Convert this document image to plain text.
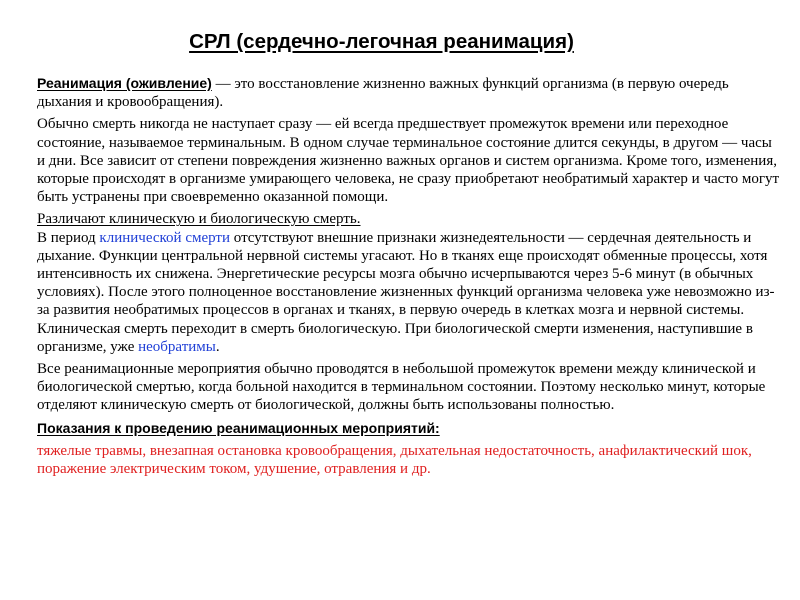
СРЛ (сердечно-легочная реанимация)

Реанимация (оживление) — это восстановление жизненно важных функций организма (в первую очередь дыхания и кровообращения).

Обычно смерть никогда не наступает сразу — ей всегда предшествует промежуток времени или переходное состояние, называемое терминальным. В одном случае терминальное состояние длится секунды, в другом — часы и дни. Все зависит от степени повреждения жизненно важных органов и систем организма. Кроме того, изменения, которые происходят в организме умирающего человека, не сразу приобретают необратимый характер и часто могут быть устранены при своевременно оказанной помощи.

Различают клиническую и биологическую смерть.
В период клинической смерти отсутствуют внешние признаки жизнедеятельности — сердечная деятельность и дыхание. Функции центральной нервной системы угасают. Но в тканях еще происходят обменные процессы, хотя интенсивность их снижена. Энергетические ресурсы мозга обычно исчерпываются через 5-6 минут (в обычных условиях). После этого полноценное восстановление жизненных функций организма человека уже невозможно из-за развития необратимых процессов в органах и тканях, в первую очередь в клетках мозга и нервной системы. Клиническая смерть переходит в смерть биологическую. При биологической смерти изменения, наступившие в организме, уже необратимы.

Все реанимационные мероприятия обычно проводятся в небольшой промежуток времени между клинической и биологической смертью, когда больной находится в терминальном состоянии. Поэтому несколько минут, которые отделяют клиническую смерть от биологической, должны быть использованы полностью.

Показания к проведению реанимационных мероприятий:

тяжелые травмы, внезапная остановка кровообращения, дыхательная недостаточность, анафилактический шок, поражение электрическим током, удушение, отравления и др.
